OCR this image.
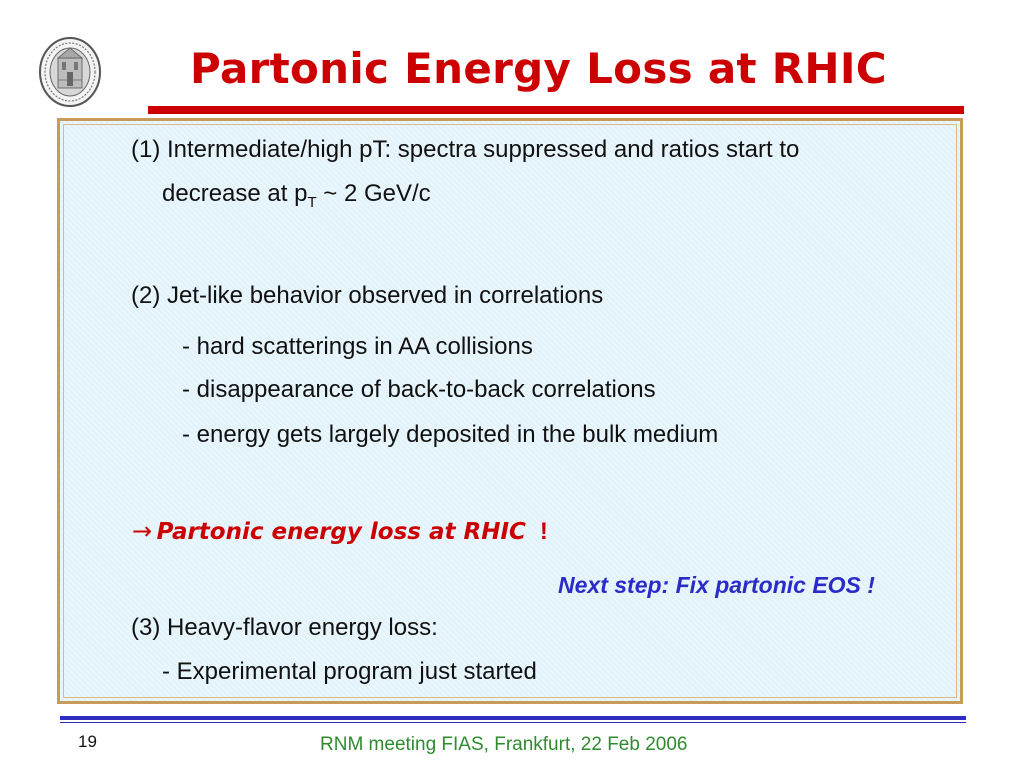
Partonic Energy Loss at RHIC
(1) Intermediate/high pT: spectra suppressed and ratios start to
decrease at $p_T$ ~ 2 GeV/c
(2) Jet-like behavior observed in correlations
- hard scatterings in AA collisions
- disappearance of back-to-back correlations
- energy gets largely deposited in the bulk medium
→ Partonic energy loss at RHIC !
Next step: Fix partonic EOS !
(3) Heavy-flavor energy loss:
- Experimental program just started
19	RNM meeting FIAS, Frankfurt, 22 Feb 2006
